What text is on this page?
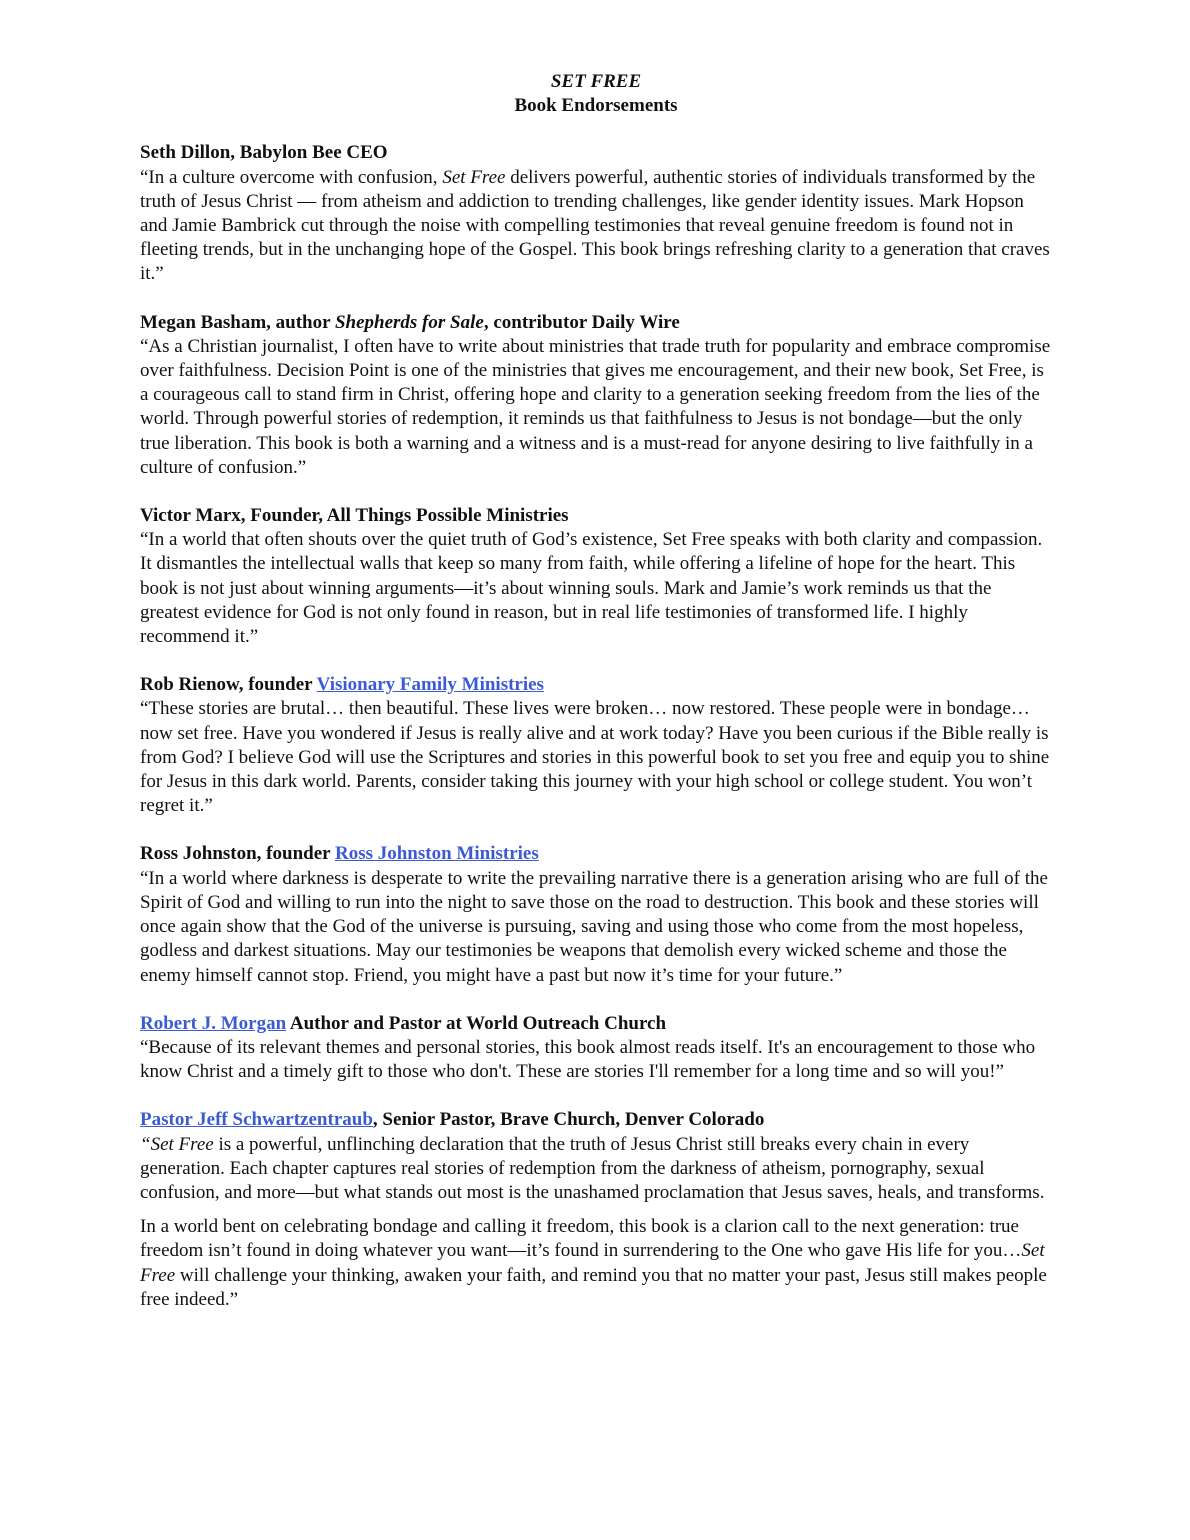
SET FREE
Book Endorsements
Seth Dillon, Babylon Bee CEO

“In a culture overcome with confusion, Set Free delivers powerful, authentic stories of individuals transformed by the truth of Jesus Christ — from atheism and addiction to trending challenges, like gender identity issues. Mark Hopson and Jamie Bambrick cut through the noise with compelling testimonies that reveal genuine freedom is found not in fleeting trends, but in the unchanging hope of the Gospel. This book brings refreshing clarity to a generation that craves it.”

Megan Basham, author Shepherds for Sale, contributor Daily Wire

“As a Christian journalist, I often have to write about ministries that trade truth for popularity and embrace compromise over faithfulness. Decision Point is one of the ministries that gives me encouragement, and their new book, Set Free, is a courageous call to stand firm in Christ, offering hope and clarity to a generation seeking freedom from the lies of the world. Through powerful stories of redemption, it reminds us that faithfulness to Jesus is not bondage—but the only true liberation. This book is both a warning and a witness and is a must-read for anyone desiring to live faithfully in a culture of confusion.”

Victor Marx, Founder, All Things Possible Ministries

“In a world that often shouts over the quiet truth of God’s existence, Set Free speaks with both clarity and compassion. It dismantles the intellectual walls that keep so many from faith, while offering a lifeline of hope for the heart. This book is not just about winning arguments—it’s about winning souls. Mark and Jamie’s work reminds us that the greatest evidence for God is not only found in reason, but in real life testimonies of transformed life. I highly recommend it.”

Rob Rienow, founder Visionary Family Ministries

“These stories are brutal… then beautiful. These lives were broken… now restored. These people were in bondage… now set free. Have you wondered if Jesus is really alive and at work today? Have you been curious if the Bible really is from God? I believe God will use the Scriptures and stories in this powerful book to set you free and equip you to shine for Jesus in this dark world. Parents, consider taking this journey with your high school or college student. You won’t regret it.”

Ross Johnston, founder Ross Johnston Ministries

“In a world where darkness is desperate to write the prevailing narrative there is a generation arising who are full of the Spirit of God and willing to run into the night to save those on the road to destruction. This book and these stories will once again show that the God of the universe is pursuing, saving and using those who come from the most hopeless, godless and darkest situations. May our testimonies be weapons that demolish every wicked scheme and those the enemy himself cannot stop. Friend, you might have a past but now it’s time for your future.”

Robert J. Morgan Author and Pastor at World Outreach Church

“Because of its relevant themes and personal stories, this book almost reads itself. It's an encouragement to those who know Christ and a timely gift to those who don't. These are stories I'll remember for a long time and so will you!”

Pastor Jeff Schwartzentraub, Senior Pastor, Brave Church, Denver Colorado

“Set Free is a powerful, unflinching declaration that the truth of Jesus Christ still breaks every chain in every generation. Each chapter captures real stories of redemption from the darkness of atheism, pornography, sexual confusion, and more—but what stands out most is the unashamed proclamation that Jesus saves, heals, and transforms.

In a world bent on celebrating bondage and calling it freedom, this book is a clarion call to the next generation: true freedom isn’t found in doing whatever you want—it’s found in surrendering to the One who gave His life for you…Set Free will challenge your thinking, awaken your faith, and remind you that no matter your past, Jesus still makes people free indeed.”
